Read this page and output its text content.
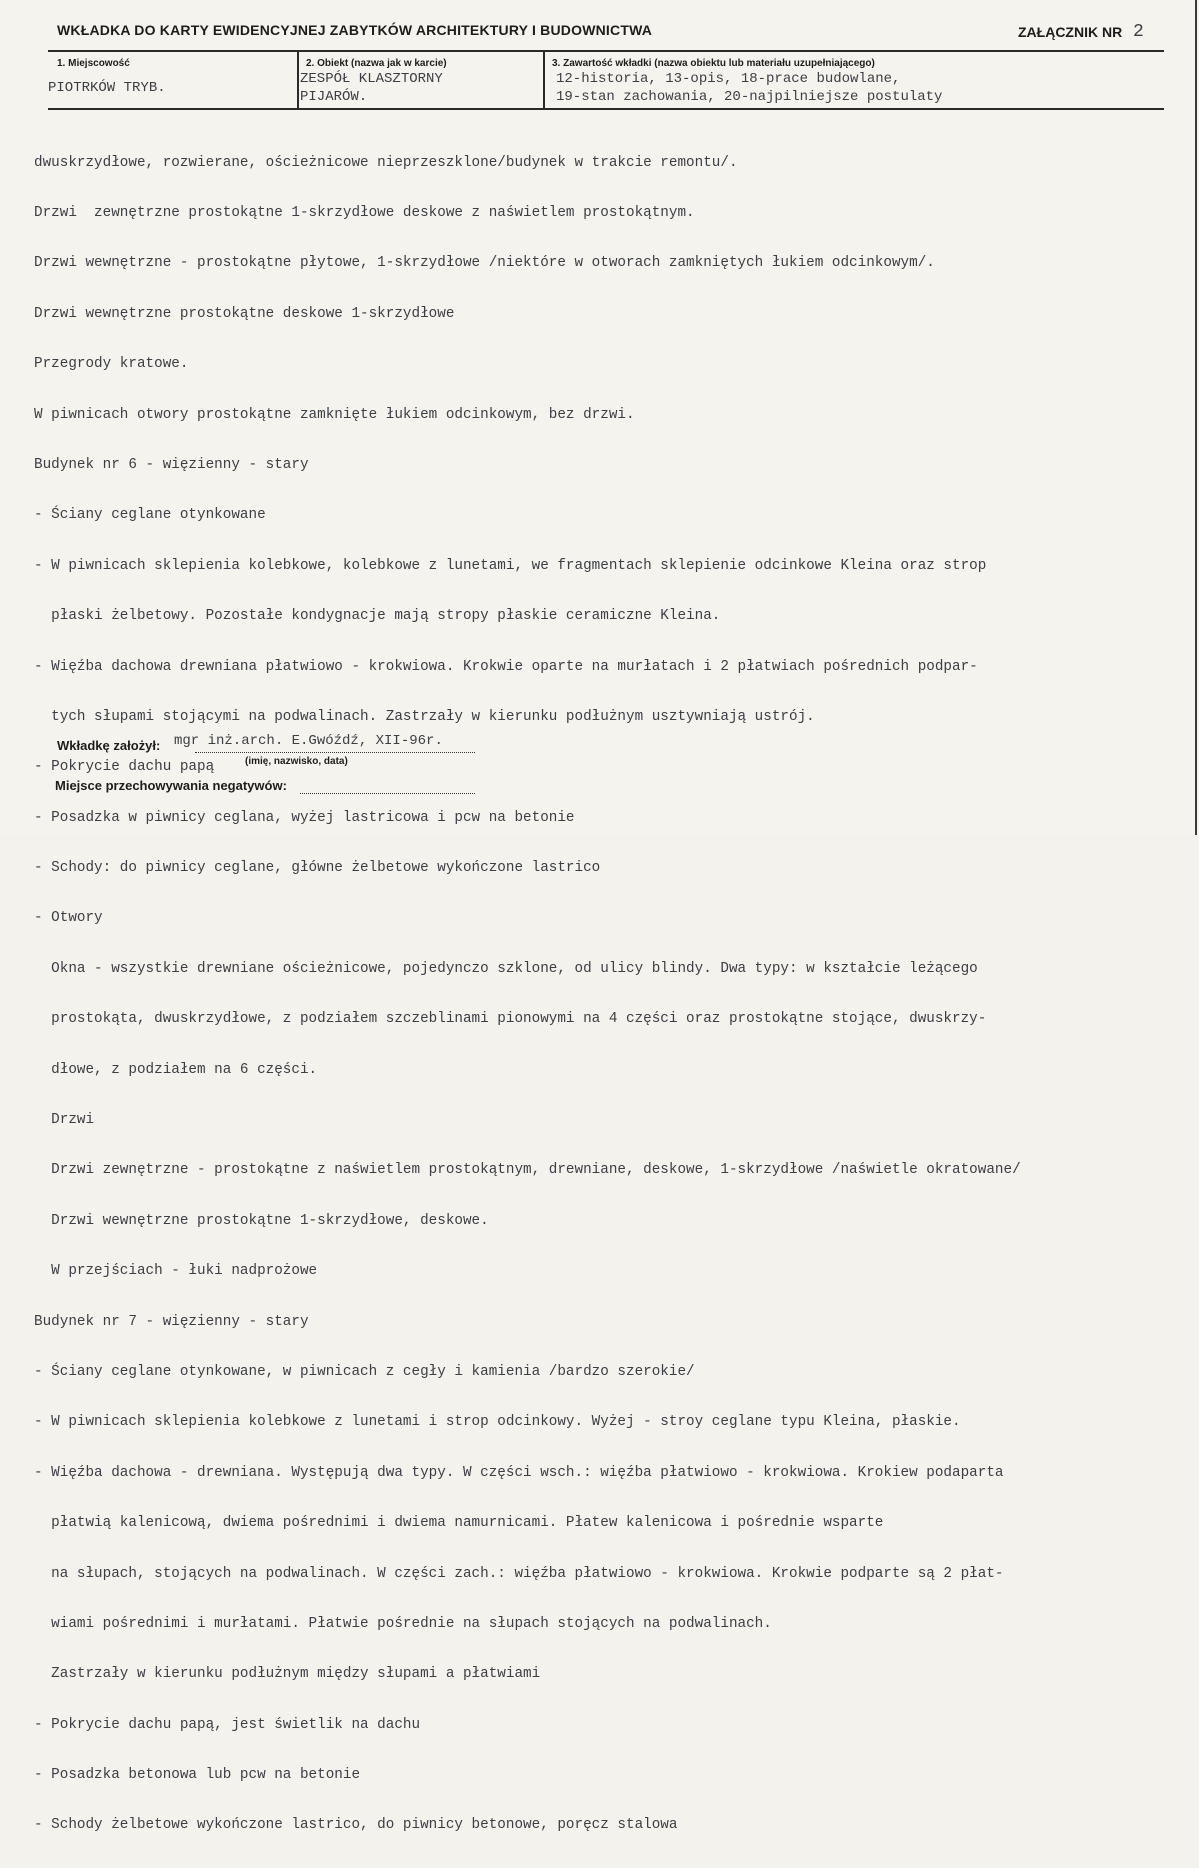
WKŁADKA DO KARTY EWIDENCYJNEJ ZABYTKÓW ARCHITEKTURY I BUDOWNICTWA	ZAŁĄCZNIK NR 2
1. Miejscowość
PIOTRKÓW TRYB.
2. Obiekt (nazwa jak w karcie)
ZESPÓŁ KLASZTORNY
PIJARÓW.
3. Zawartość wkładki (nazwa obiektu lub materiału uzupełniającego)
12-historia, 13-opis, 18-prace budowlane,
19-stan zachowania, 20-najpilniejsze postulaty

dwuskrzydłowe, rozwierane, ościeżnicowe nieprzeszklone/budynek w trakcie remontu/.

Drzwi  zewnętrzne prostokątne 1-skrzydłowe deskowe z naświetlem prostokątnym.

Drzwi wewnętrzne - prostokątne płytowe, 1-skrzydłowe /niektóre w otworach zamkniętych łukiem odcinkowym/.

Drzwi wewnętrzne prostokątne deskowe 1-skrzydłowe

Przegrody kratowe.

W piwnicach otwory prostokątne zamknięte łukiem odcinkowym, bez drzwi.

Budynek nr 6 - więzienny - stary

- Ściany ceglane otynkowane

- W piwnicach sklepienia kolebkowe, kolebkowe z lunetami, we fragmentach sklepienie odcinkowe Kleina oraz strop

płaski żelbetowy. Pozostałe kondygnacje mają stropy płaskie ceramiczne Kleina.

- Więźba dachowa drewniana płatwiowo - krokwiowa. Krokwie oparte na murłatach i 2 płatwiach pośrednich podpar-

tych słupami stojącymi na podwalinach. Zastrzały w kierunku podłużnym usztywniają ustrój.

- Pokrycie dachu papą

- Posadzka w piwnicy ceglana, wyżej lastricowa i pcw na betonie

- Schody: do piwnicy ceglane, główne żelbetowe wykończone lastrico

- Otwory

Okna - wszystkie drewniane ościeżnicowe, pojedynczo szklone, od ulicy blindy. Dwa typy: w kształcie leżącego

prostokąta, dwuskrzydłowe, z podziałem szczeblinami pionowymi na 4 części oraz prostokątne stojące, dwuskrzy-

dłowe, z podziałem na 6 części.

Drzwi

Drzwi zewnętrzne - prostokątne z naświetlem prostokątnym, drewniane, deskowe, 1-skrzydłowe /naświetle okratowane/

Drzwi wewnętrzne prostokątne 1-skrzydłowe, deskowe.

W przejściach - łuki nadprożowe

Budynek nr 7 - więzienny - stary

- Ściany ceglane otynkowane, w piwnicach z cegły i kamienia /bardzo szerokie/

- W piwnicach sklepienia kolebkowe z lunetami i strop odcinkowy. Wyżej - stroy ceglane typu Kleina, płaskie.

- Więźba dachowa - drewniana. Występują dwa typy. W części wsch.: więźba płatwiowo - krokwiowa. Krokiew podaparta

płatwią kalenicową, dwiema pośrednimi i dwiema namurnicami. Płatew kalenicowa i pośrednie wsparte

na słupach, stojących na podwalinach. W części zach.: więźba płatwiowo - krokwiowa. Krokwie podparte są 2 płat-

wiami pośrednimi i murłatami. Płatwie pośrednie na słupach stojących na podwalinach.

Zastrzały w kierunku podłużnym między słupami a płatwiami

- Pokrycie dachu papą, jest świetlik na dachu

- Posadzka betonowa lub pcw na betonie

- Schody żelbetowe wykończone lastrico, do piwnicy betonowe, poręcz stalowa

Wkładkę założył: mgr inż.arch. E.Gwóźdź, XII-96r.
(imię, nazwisko, data)
Miejsce przechowywania negatywów:
